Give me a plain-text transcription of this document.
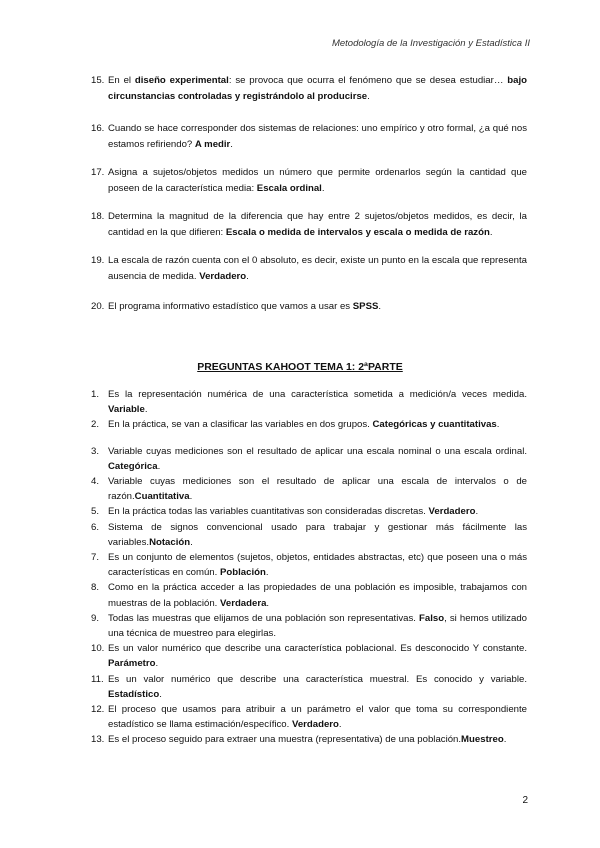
Metodología de la Investigación y Estadística II
15. En el diseño experimental: se provoca que ocurra el fenómeno que se desea estudiar… bajo circunstancias controladas y registrándolo al producirse.
16. Cuando se hace corresponder dos sistemas de relaciones: uno empírico y otro formal, ¿a qué nos estamos refiriendo? A medir.
17. Asigna a sujetos/objetos medidos un número que permite ordenarlos según la cantidad que poseen de la característica media: Escala ordinal.
18. Determina la magnitud de la diferencia que hay entre 2 sujetos/objetos medidos, es decir, la cantidad en la que difieren: Escala o medida de intervalos y escala o medida de razón.
19. La escala de razón cuenta con el 0 absoluto, es decir, existe un punto en la escala que representa ausencia de medida. Verdadero.
20. El programa informativo estadístico que vamos a usar es SPSS.
PREGUNTAS KAHOOT TEMA 1: 2ªPARTE
1. Es la representación numérica de una característica sometida a medición/a veces medida. Variable.
2. En la práctica, se van a clasificar las variables en dos grupos. Categóricas y cuantitativas.
3. Variable cuyas mediciones son el resultado de aplicar una escala nominal o una escala ordinal. Categórica.
4. Variable cuyas mediciones son el resultado de aplicar una escala de intervalos o de razón.Cuantitativa.
5. En la práctica todas las variables cuantitativas son consideradas discretas. Verdadero.
6. Sistema de signos convencional usado para trabajar y gestionar más fácilmente las variables.Notación.
7. Es un conjunto de elementos (sujetos, objetos, entidades abstractas, etc) que poseen una o más características en común. Población.
8. Como en la práctica acceder a las propiedades de una población es imposible, trabajamos con muestras de la población. Verdadera.
9. Todas las muestras que elijamos de una población son representativas. Falso, si hemos utilizado una técnica de muestreo para elegirlas.
10. Es un valor numérico que describe una característica poblacional. Es desconocido Y constante. Parámetro.
11. Es un valor numérico que describe una característica muestral. Es conocido y variable. Estadístico.
12. El proceso que usamos para atribuir a un parámetro el valor que toma su correspondiente estadístico se llama estimación/específico. Verdadero.
13. Es el proceso seguido para extraer una muestra (representativa) de una población.Muestreo.
2
